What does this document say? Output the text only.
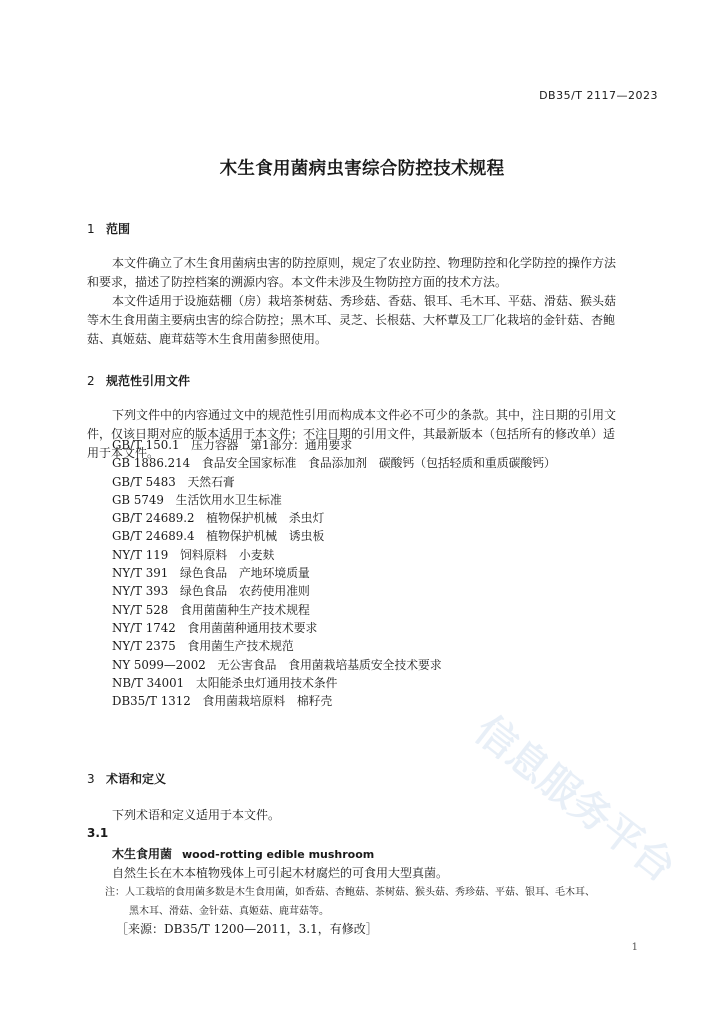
信息服务平台
DB35/T 2117—2023
木生食用菌病虫害综合防控技术规程
1 范围
本文件确立了木生食用菌病虫害的防控原则，规定了农业防控、物理防控和化学防控的操作方法
和要求，描述了防控档案的溯源内容。本文件未涉及生物防控方面的技术方法。
本文件适用于设施菇棚（房）栽培茶树菇、秀珍菇、香菇、银耳、毛木耳、平菇、滑菇、猴头菇
等木生食用菌主要病虫害的综合防控；黑木耳、灵芝、长根菇、大杯蕈及工厂化栽培的金针菇、杏鲍
菇、真姬菇、鹿茸菇等木生食用菌参照使用。
2 规范性引用文件
下列文件中的内容通过文中的规范性引用而构成本文件必不可少的条款。其中，注日期的引用文
件，仅该日期对应的版本适用于本文件；不注日期的引用文件，其最新版本（包括所有的修改单）适
用于本文件。
GB/T 150.1　压力容器　第1部分：通用要求
GB 1886.214　食品安全国家标准　食品添加剂　碳酸钙（包括轻质和重质碳酸钙）
GB/T 5483　天然石膏
GB 5749　生活饮用水卫生标准
GB/T 24689.2　植物保护机械　杀虫灯
GB/T 24689.4　植物保护机械　诱虫板
NY/T 119　饲料原料　小麦麸
NY/T 391　绿色食品　产地环境质量
NY/T 393　绿色食品　农药使用准则
NY/T 528　食用菌菌种生产技术规程
NY/T 1742　食用菌菌种通用技术要求
NY/T 2375　食用菌生产技术规范
NY 5099—2002　无公害食品　食用菌栽培基质安全技术要求
NB/T 34001　太阳能杀虫灯通用技术条件
DB35/T 1312　食用菌栽培原料　棉籽壳
3 术语和定义
下列术语和定义适用于本文件。
3.1
木生食用菌 wood-rotting edible mushroom
自然生长在木本植物残体上可引起木材腐烂的可食用大型真菌。
注：人工栽培的食用菌多数是木生食用菌，如香菇、杏鲍菇、茶树菇、猴头菇、秀珍菇、平菇、银耳、毛木耳、
黑木耳、滑菇、金针菇、真姬菇、鹿茸菇等。
［来源：DB35/T 1200—2011，3.1，有修改］
1
